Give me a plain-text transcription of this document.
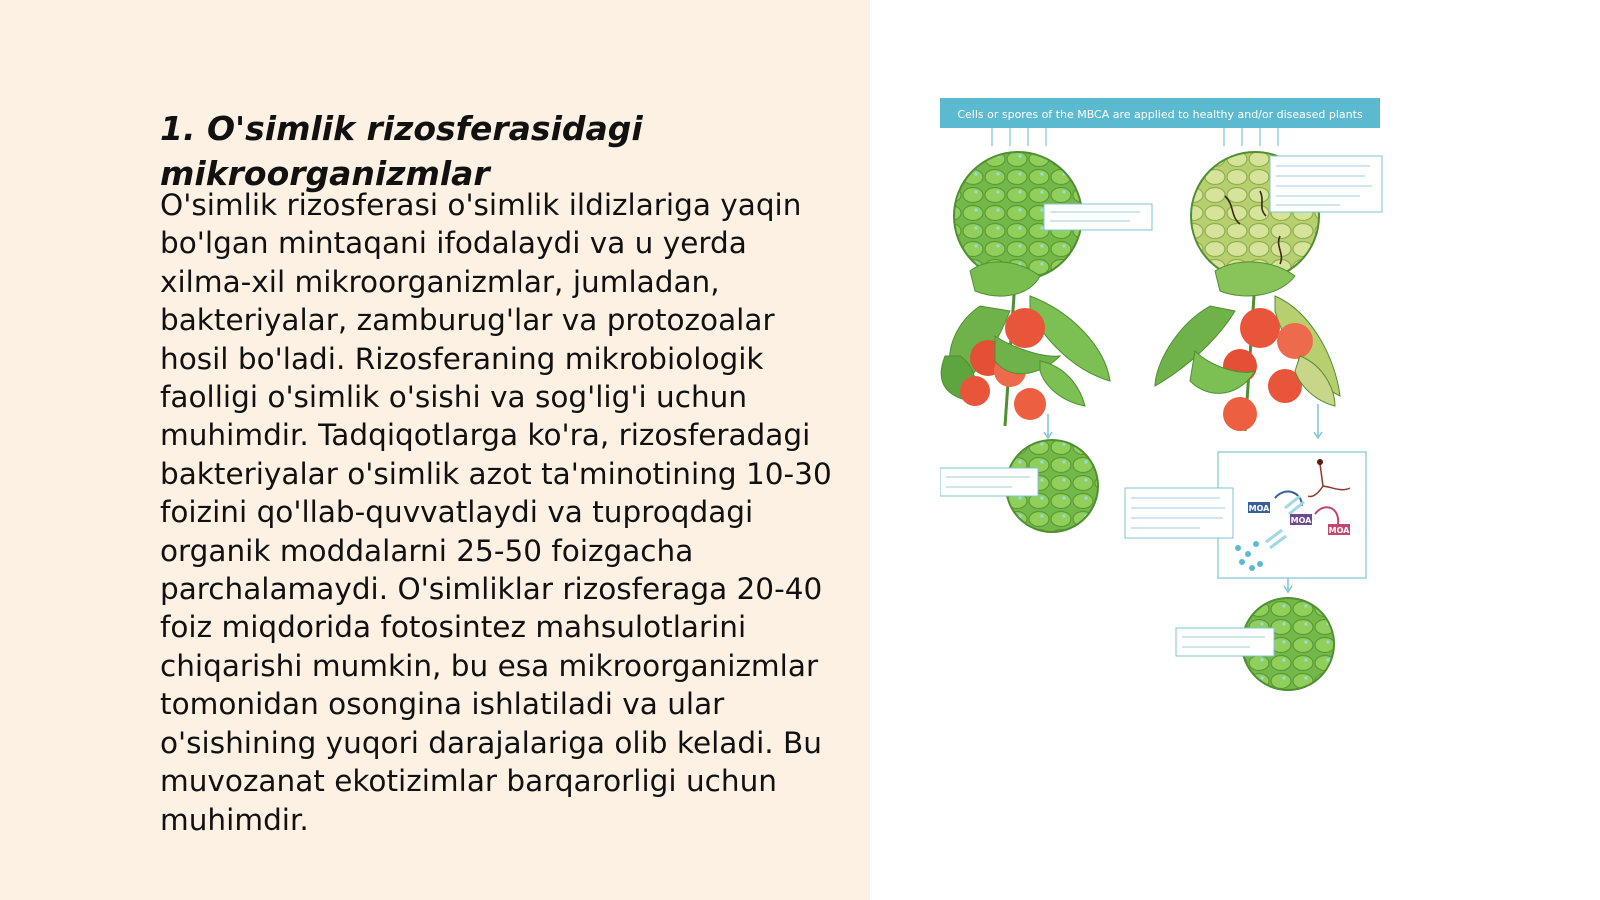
1. O'simlik rizosferasidagi mikroorganizmlar

O'simlik rizosferasi o'simlik ildizlariga yaqin bo'lgan mintaqani ifodalaydi va u yerda xilma-xil mikroorganizmlar, jumladan, bakteriyalar, zamburug'lar va protozoalar hosil bo'ladi. Rizosferaning mikrobiologik faolligi o'simlik o'sishi va sog'lig'i uchun muhimdir. Tadqiqotlarga ko'ra, rizosferadagi bakteriyalar o'simlik azot ta'minotining 10-30 foizini qo'llab-quvvatlaydi va tuproqdagi organik moddalarni 25-50 foizgacha parchalamaydi. O'simliklar rizosferaga 20-40 foiz miqdorida fotosintez mahsulotlarini chiqarishi mumkin, bu esa mikroorganizmlar tomonidan osongina ishlatiladi va ular o'sishining yuqori darajalariga olib keladi. Bu muvozanat ekotizimlar barqarorligi uchun muhimdir.

Cells or spores of the MBCA are applied to healthy and/or diseased plants
MOA
MOA
MOA
